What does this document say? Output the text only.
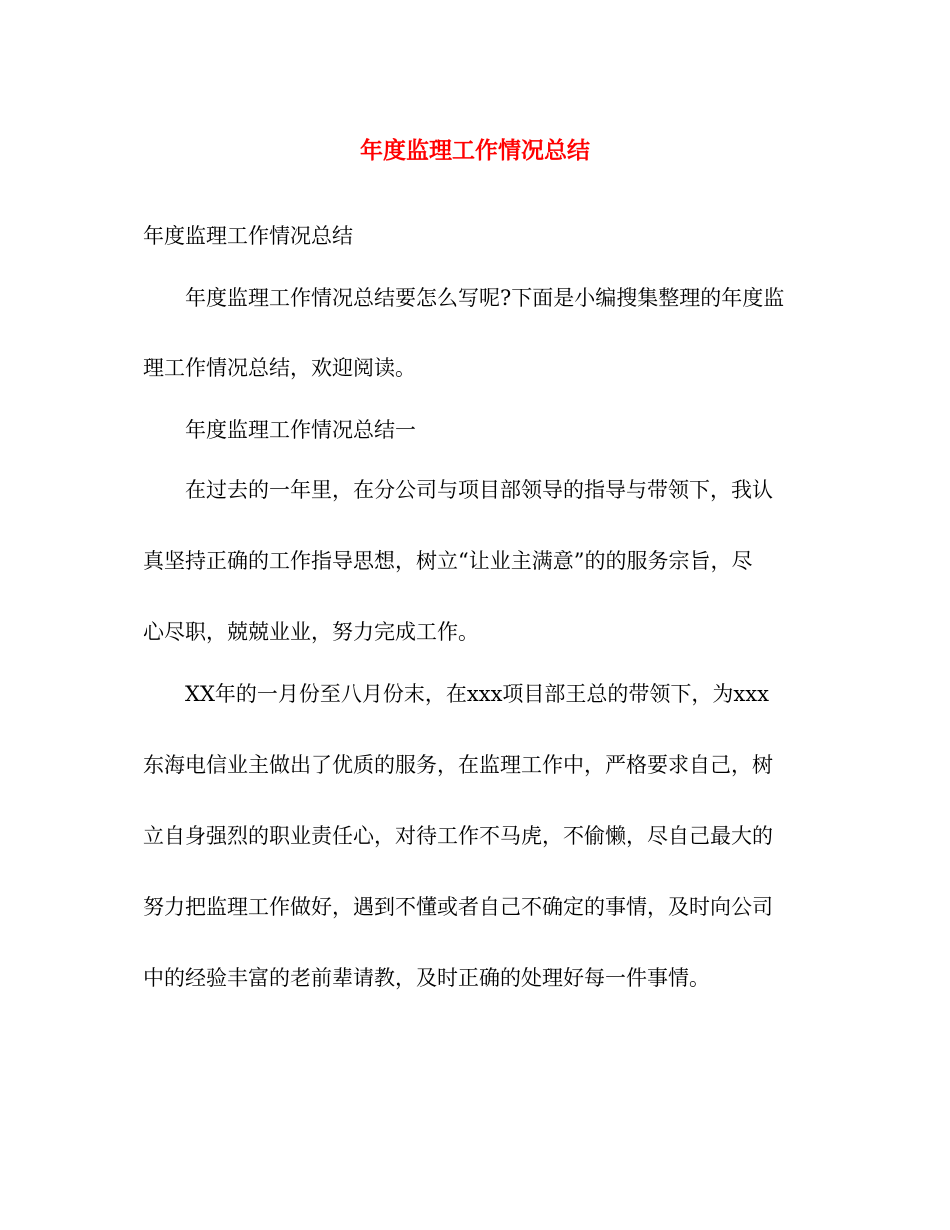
年度监理工作情况总结
年度监理工作情况总结
年度监理工作情况总结要怎么写呢?下面是小编搜集整理的年度监
理工作情况总结，欢迎阅读。
年度监理工作情况总结一
在过去的一年里，在分公司与项目部领导的指导与带领下，我认
真坚持正确的工作指导思想，树立“让业主满意”的的服务宗旨，尽
心尽职，兢兢业业，努力完成工作。
XX年的一月份至八月份末，在xxx项目部王总的带领下，为xxx
东海电信业主做出了优质的服务，在监理工作中，严格要求自己，树
立自身强烈的职业责任心，对待工作不马虎，不偷懒，尽自己最大的
努力把监理工作做好，遇到不懂或者自己不确定的事情，及时向公司
中的经验丰富的老前辈请教，及时正确的处理好每一件事情。
